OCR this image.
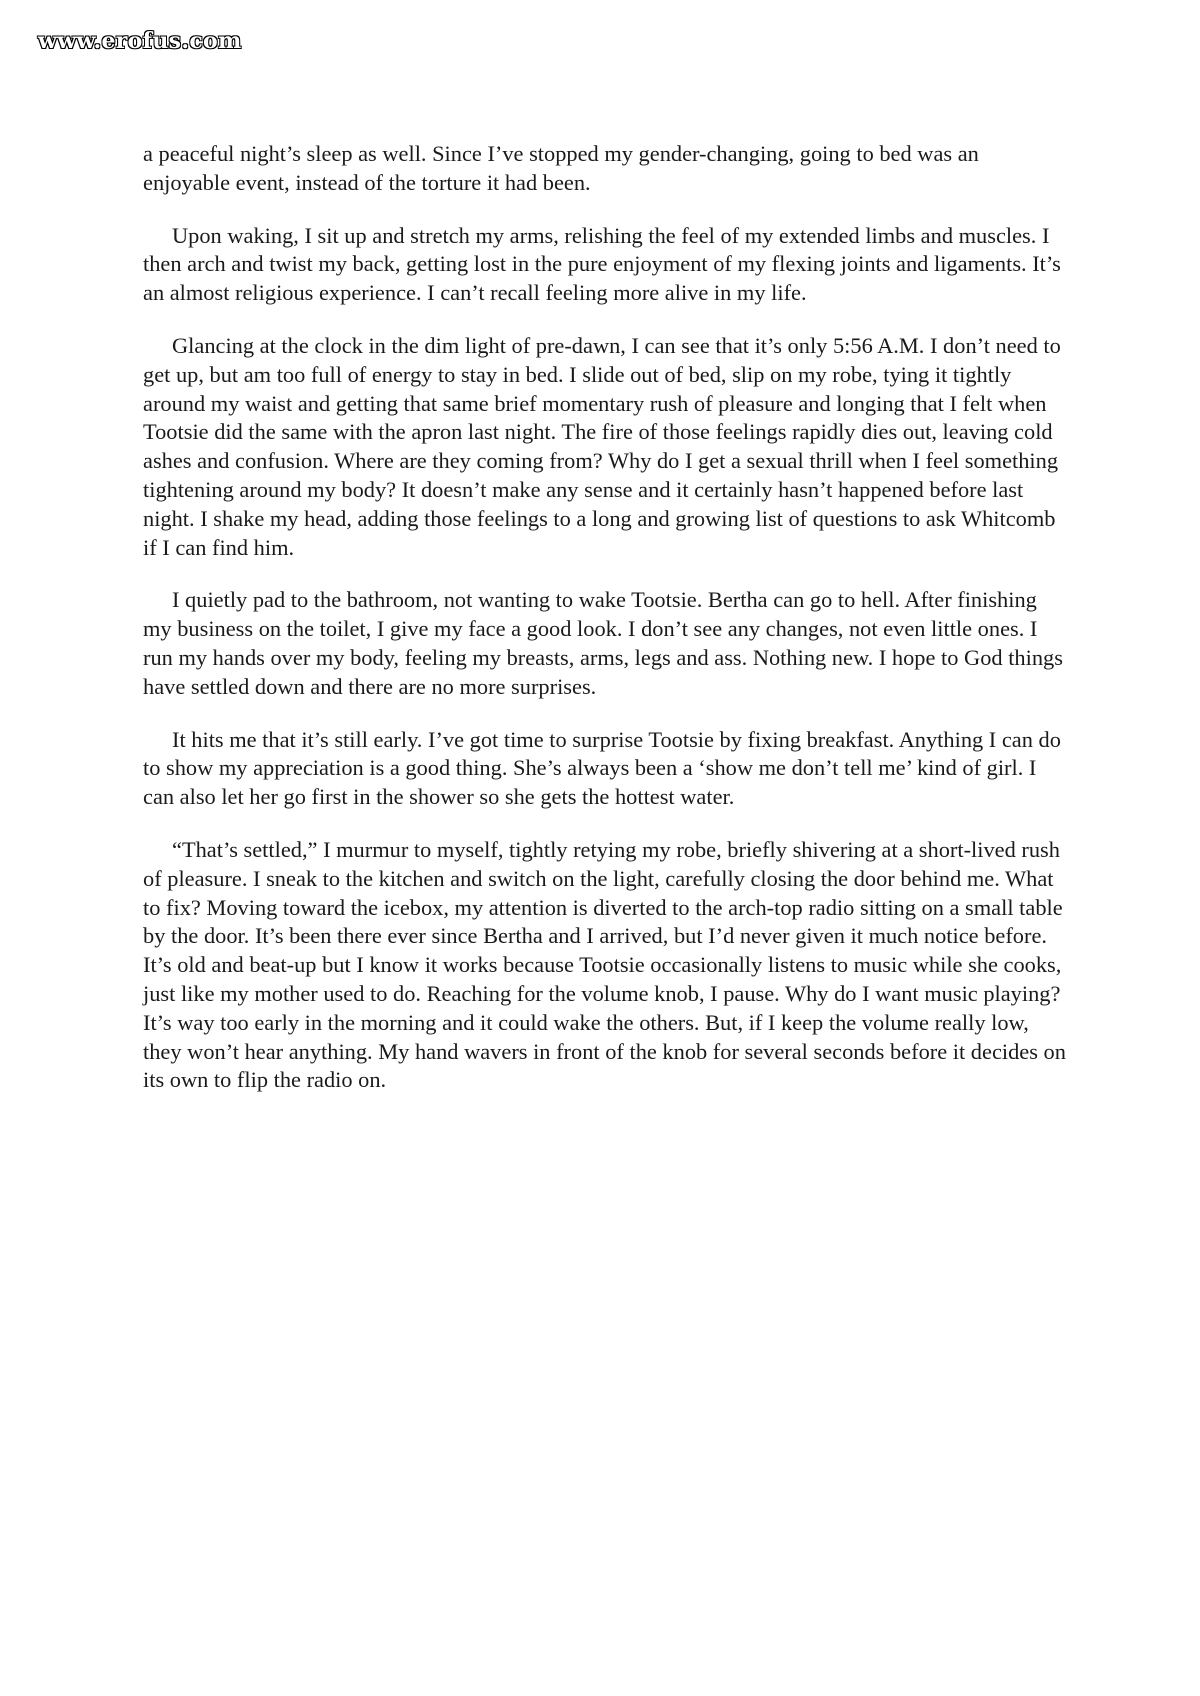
www.erofus.com

a peaceful night’s sleep as well. Since I’ve stopped my gender-changing, going to bed was an enjoyable event, instead of the torture it had been.

Upon waking, I sit up and stretch my arms, relishing the feel of my extended limbs and muscles. I then arch and twist my back, getting lost in the pure enjoyment of my flexing joints and ligaments. It’s an almost religious experience. I can’t recall feeling more alive in my life.

Glancing at the clock in the dim light of pre-dawn, I can see that it’s only 5:56 A.M. I don’t need to get up, but am too full of energy to stay in bed. I slide out of bed, slip on my robe, tying it tightly around my waist and getting that same brief momentary rush of pleasure and longing that I felt when Tootsie did the same with the apron last night. The fire of those feelings rapidly dies out, leaving cold ashes and confusion. Where are they coming from? Why do I get a sexual thrill when I feel something tightening around my body? It doesn’t make any sense and it certainly hasn’t happened before last night. I shake my head, adding those feelings to a long and growing list of questions to ask Whitcomb if I can find him.

I quietly pad to the bathroom, not wanting to wake Tootsie. Bertha can go to hell. After finishing my business on the toilet, I give my face a good look. I don’t see any changes, not even little ones. I run my hands over my body, feeling my breasts, arms, legs and ass. Nothing new. I hope to God things have settled down and there are no more surprises.

It hits me that it’s still early. I’ve got time to surprise Tootsie by fixing breakfast. Anything I can do to show my appreciation is a good thing. She’s always been a ‘show me don’t tell me’ kind of girl. I can also let her go first in the shower so she gets the hottest water.

“That’s settled,” I murmur to myself, tightly retying my robe, briefly shivering at a short-lived rush of pleasure. I sneak to the kitchen and switch on the light, carefully closing the door behind me. What to fix? Moving toward the icebox, my attention is diverted to the arch-top radio sitting on a small table by the door. It’s been there ever since Bertha and I arrived, but I’d never given it much notice before. It’s old and beat-up but I know it works because Tootsie occasionally listens to music while she cooks, just like my mother used to do. Reaching for the volume knob, I pause. Why do I want music playing? It’s way too early in the morning and it could wake the others. But, if I keep the volume really low, they won’t hear anything. My hand wavers in front of the knob for several seconds before it decides on its own to flip the radio on.
